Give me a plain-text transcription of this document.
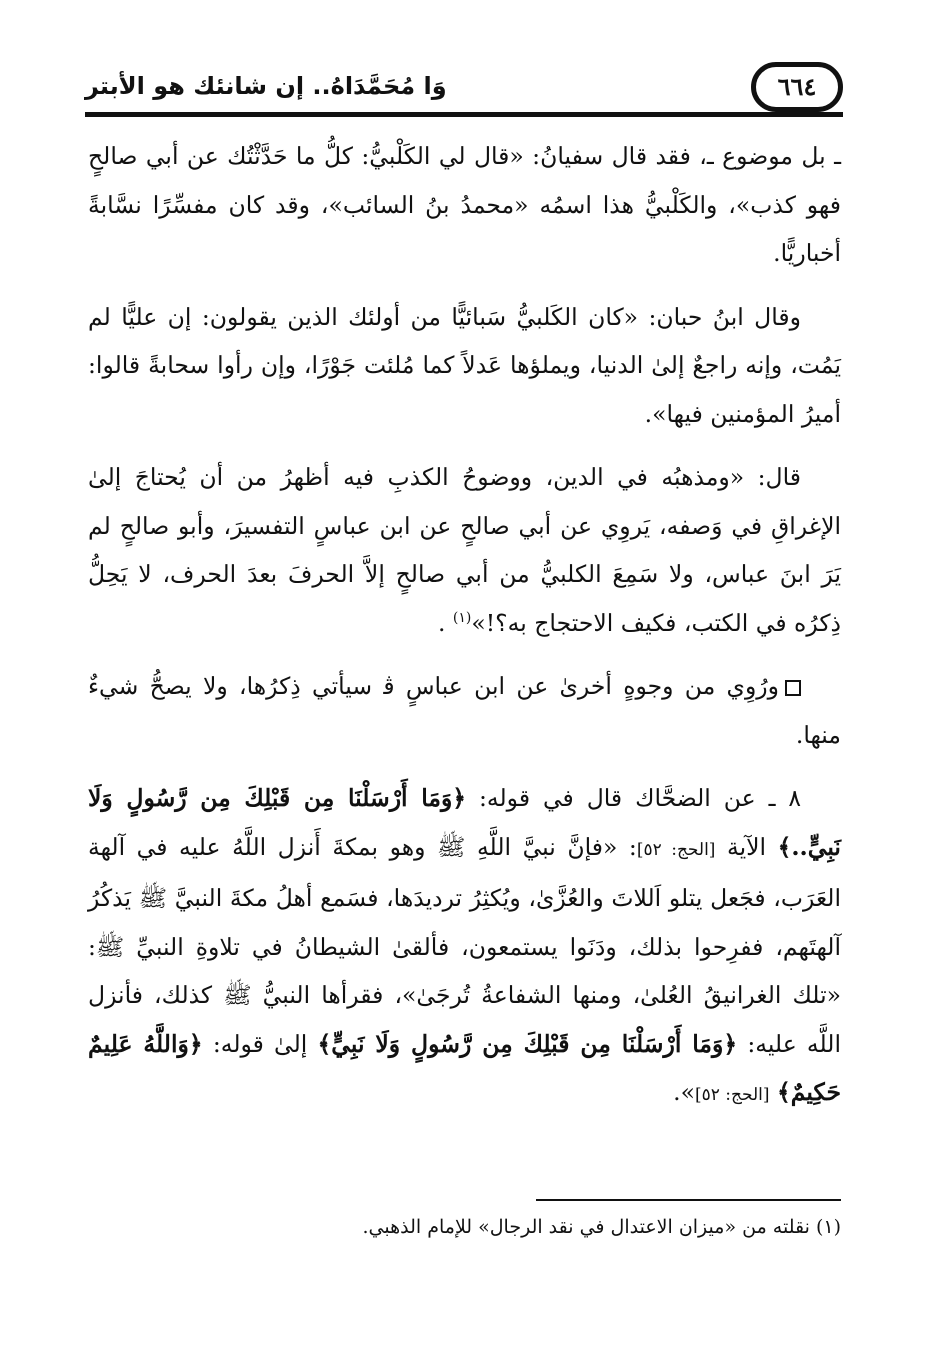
٦٦٤
وَا مُحَمَّدَاهُ.. إن شانئك هو الأبتر

ـ بل موضوع ـ، فقد قال سفيانُ: «قال لي الكَلْبيُّ: كلُّ ما حَدَّثْتُك عن أبي صالحٍ فهو كذب»، والكَلْبيُّ هذا اسمُه «محمدُ بنُ السائب»، وقد كان مفسِّرًا نسَّابةً أخباريًّا.

وقال ابنُ حبان: «كان الكَلبيُّ سَبائيًّا من أولئك الذين يقولون: إن عليًّا لم يَمُت، وإنه راجعٌ إلىٰ الدنيا، ويملؤها عَدلاً كما مُلئت جَوْرًا، وإن رأوا سحابةً قالوا: أميرُ المؤمنين فيها».

قال: «ومذهبُه في الدين، ووضوحُ الكذبِ فيه أظهرُ من أن يُحتاجَ إلىٰ الإغراقِ في وَصفه، يَروِي عن أبي صالحٍ عن ابن عباسٍ التفسيرَ، وأبو صالحٍ لم يَرَ ابنَ عباس، ولا سَمِعَ الكلبيُّ من أبي صالحٍ إلاَّ الحرفَ بعدَ الحرف، لا يَحِلُّ ذِكرُه في الكتب، فكيف الاحتجاج به؟!»$^{(١)}$ .

ورُوِي من وجوهٍ أخرىٰ عن ابن عباسٍ ﭬ سيأتي ذِكرُها، ولا يصحُّ شيءٌ منها.

٨ ـ عن الضحَّاك قال في قوله: ﴿وَمَا أَرْسَلْنَا مِن قَبْلِكَ مِن رَّسُولٍ وَلَا نَبِيٍّ..﴾ الآية [الحج: ٥٢]: «فإنَّ نبيَّ اللَّهِ ﷺ وهو بمكةَ أَنزل اللَّهُ عليه في آلهة العَرَب، فجَعل يتلو اَللاتَ والعُزَّىٰ، ويُكثِرُ ترديدَها، فسَمع أهلُ مكةَ النبيَّ ﷺ يَذكُرُ آلهتَهم، ففرِحوا بذلك، ودَنَوا يستمعون، فألقىٰ الشيطانُ في تلاوةِ النبيِّ ﷺ: «تلك الغرانيقُ العُلىٰ، ومنها الشفاعةُ تُرجَىٰ»، فقرأها النبيُّ ﷺ كذلك، فأنزل اللَّه عليه: ﴿وَمَا أَرْسَلْنَا مِن قَبْلِكَ مِن رَّسُولٍ وَلَا نَبِيٍّ﴾ إلىٰ قوله: ﴿وَاللَّهُ عَلِيمٌ حَكِيمٌ﴾ [الحج: ٥٢]».

(١) نقلته من «ميزان الاعتدال في نقد الرجال» للإمام الذهبي.
